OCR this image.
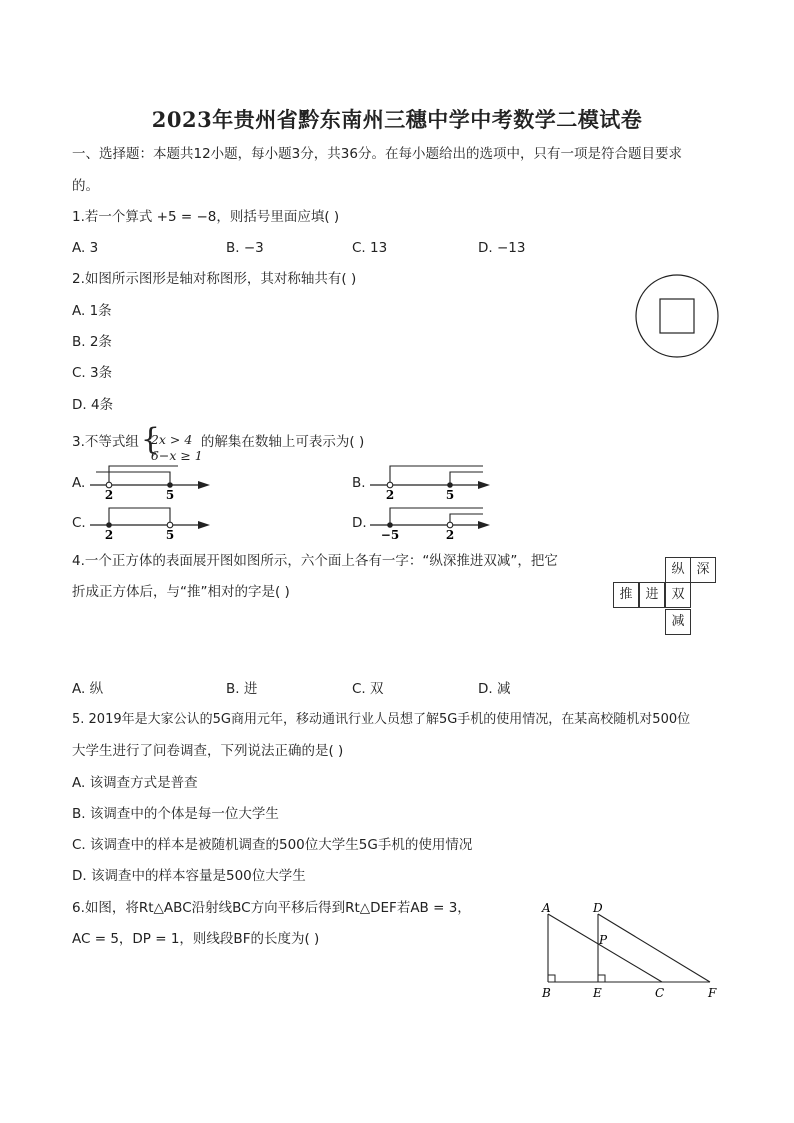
2023年贵州省黔东南州三穗中学中考数学二模试卷
一、选择题：本题共12小题，每小题3分，共36分。在每小题给出的选项中，只有一项是符合题目要求
的。
1.若一个算式 +5 = −8，则括号里面应填( )
A. 3	B. −3	C. 13	D. −13
2.如图所示图形是轴对称图形，其对称轴共有( )
A. 1条
B. 2条
C. 3条
D. 4条
3.不等式组 {
2x > 4
6−x ≥ 1
的解集在数轴上可表示为( )
A.	B.
C.	D.
2	5	2	5
2	5	−5	2
4.一个正方体的表面展开图如图所示，六个面上各有一字：“纵深推进双减”，把它
折成正方体后，与“推”相对的字是( )
纵 深
推 进 双
减
A. 纵	B. 进	C. 双	D. 减
5. 2019年是大家公认的5G商用元年，移动通讯行业人员想了解5G手机的使用情况，在某高校随机对500位
大学生进行了问卷调查，下列说法正确的是( )
A. 该调查方式是普查
B. 该调查中的个体是每一位大学生
C. 该调查中的样本是被随机调查的500位大学生5G手机的使用情况
D. 该调查中的样本容量是500位大学生
6.如图，将Rt△ABC沿射线BC方向平移后得到Rt△DEF若AB = 3，
AC = 5，DP = 1，则线段BF的长度为( )
A	D
P
B	E	C	F
